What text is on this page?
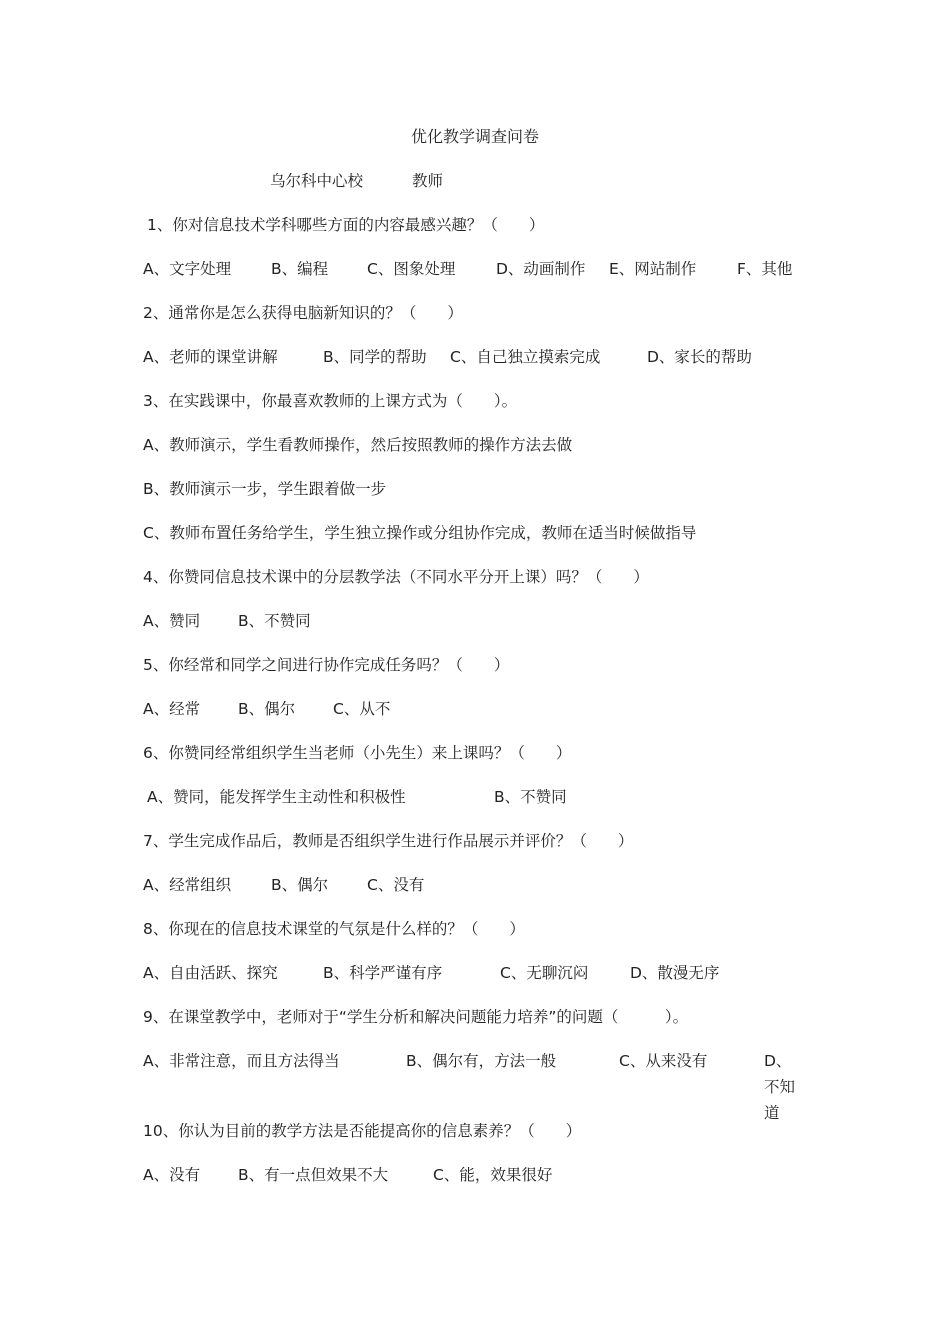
优化教学调查问卷
乌尔科中心校	教师
1、你对信息技术学科哪些方面的内容最感兴趣？（　　）
A、文字处理	B、编程	C、图象处理	D、动画制作 E、网站制作	F、其他
2、通常你是怎么获得电脑新知识的？（　　）
A、老师的课堂讲解	B、同学的帮助 C、自己独立摸索完成	D、家长的帮助
3、在实践课中，你最喜欢教师的上课方式为（　　）。
A、教师演示，学生看教师操作，然后按照教师的操作方法去做
B、教师演示一步，学生跟着做一步
C、教师布置任务给学生，学生独立操作或分组协作完成，教师在适当时候做指导
4、你赞同信息技术课中的分层教学法（不同水平分开上课）吗？（　　）
A、赞同 B、不赞同
5、你经常和同学之间进行协作完成任务吗？（　　）
A、经常 B、偶尔 C、从不
6、你赞同经常组织学生当老师（小先生）来上课吗？（　　）
A、赞同，能发挥学生主动性和积极性	B、不赞同
7、学生完成作品后，教师是否组织学生进行作品展示并评价？（　　）
A、经常组织	B、偶尔	C、没有
8、你现在的信息技术课堂的气氛是什么样的？（　　）
A、自由活跃、探究	B、科学严谨有序	C、无聊沉闷	D、散漫无序
9、在课堂教学中，老师对于“学生分析和解决问题能力培养”的问题（　　　）。
A、非常注意，而且方法得当	B、偶尔有，方法一般	C、从来没有	D、不知道
10、你认为目前的教学方法是否能提高你的信息素养？（　　）
A、没有 B、有一点但效果不大	C、能，效果很好
